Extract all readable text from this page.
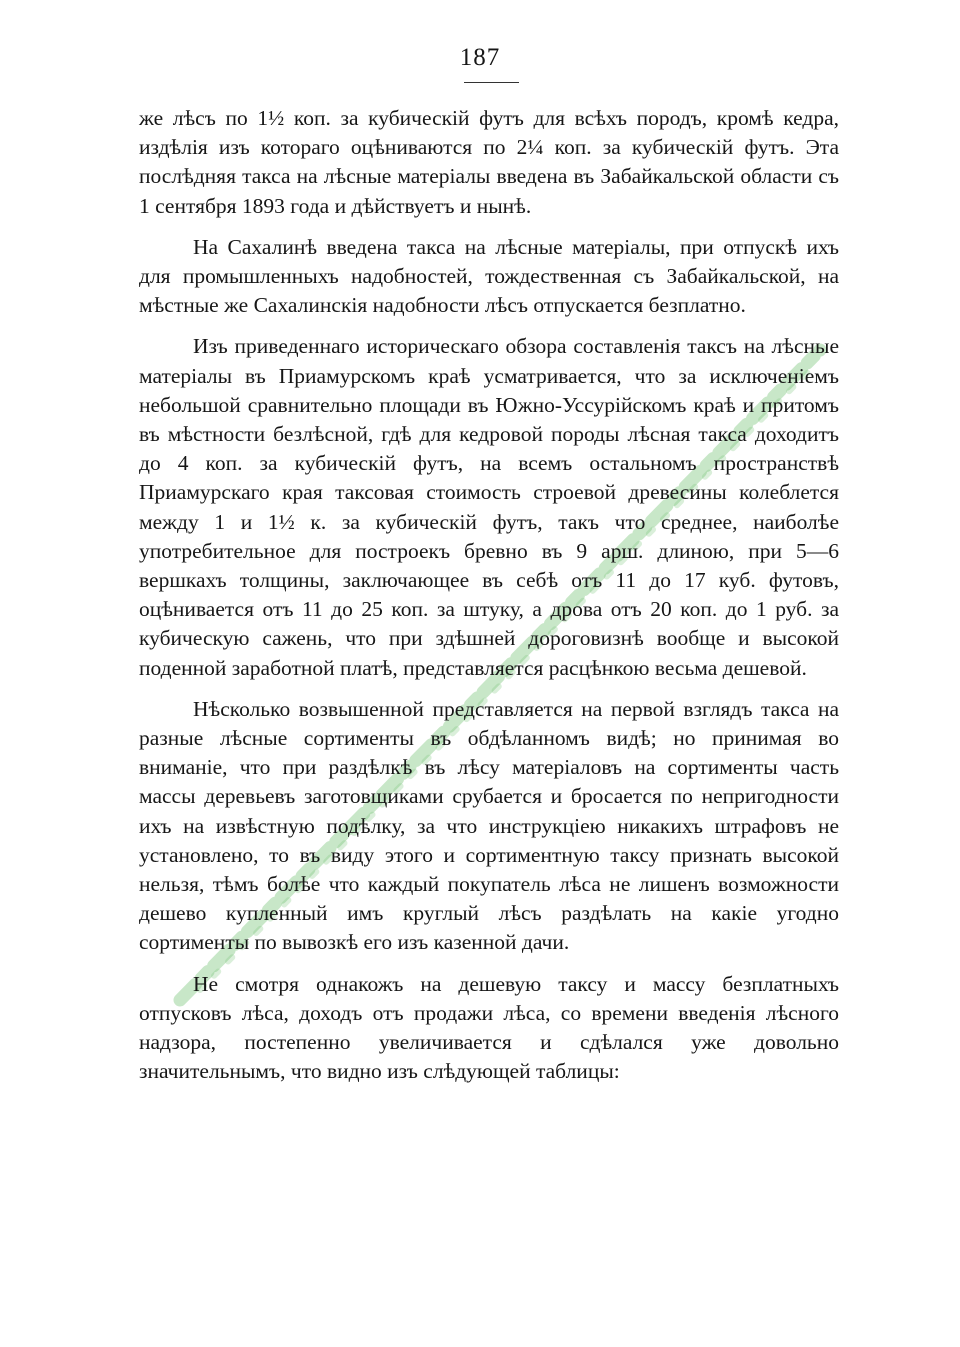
187

же лѣсъ по 1½ коп. за кубическій футъ для всѣхъ породъ, кромѣ кедра, издѣлія изъ котораго оцѣниваются по 2¼ коп. за кубическій футъ. Эта послѣдняя такса на лѣсные матеріалы введена въ Забайкальской области съ 1 сентября 1893 года и дѣйствуетъ и нынѣ.

На Сахалинѣ введена такса на лѣсные матеріалы, при отпускѣ ихъ для промышленныхъ надобностей, тождественная съ Забайкальской, на мѣстные же Сахалинскія надобности лѣсъ отпускается безплатно.

Изъ приведеннаго историческаго обзора составленія таксъ на лѣсные матеріалы въ Приамурскомъ краѣ усматривается, что за исключеніемъ небольшой сравнительно площади въ Южно-Уссурійскомъ краѣ и притомъ въ мѣстности безлѣсной, гдѣ для кедровой породы лѣсная такса доходитъ до 4 коп. за кубическій футъ, на всемъ остальномъ пространствѣ Приамурскаго края таксовая стоимость строевой древесины колеблется между 1 и 1½ к. за кубическій футъ, такъ что среднее, наиболѣе употребительное для построекъ бревно въ 9 арш. длиною, при 5—6 вершкахъ толщины, заключающее въ себѣ отъ 11 до 17 куб. футовъ, оцѣнивается отъ 11 до 25 коп. за штуку, а дрова отъ 20 коп. до 1 руб. за кубическую сажень, что при здѣшней дороговизнѣ вообще и высокой поденной заработной платѣ, представляется расцѣнкою весьма дешевой.

Нѣсколько возвышенной представляется на первой взглядъ такса на разные лѣсные сортименты въ обдѣланномъ видѣ; но принимая во вниманіе, что при раздѣлкѣ въ лѣсу матеріаловъ на сортименты часть массы деревьевъ заготовщиками срубается и бросается по непригодности ихъ на извѣстную подѣлку, за что инструкціею никакихъ штрафовъ не установлено, то въ виду этого и сортиментную таксу признать высокой нельзя, тѣмъ болѣе что каждый покупатель лѣса не лишенъ возможности дешево купленный имъ круглый лѣсъ раздѣлать на какіе угодно сортименты по вывозкѣ его изъ казенной дачи.

Не смотря однакожъ на дешевую таксу и массу безплатныхъ отпусковъ лѣса, доходъ отъ продажи лѣса, со времени введенія лѣсного надзора, постепенно увеличивается и сдѣлался уже довольно значительнымъ, что видно изъ слѣдующей таблицы:
